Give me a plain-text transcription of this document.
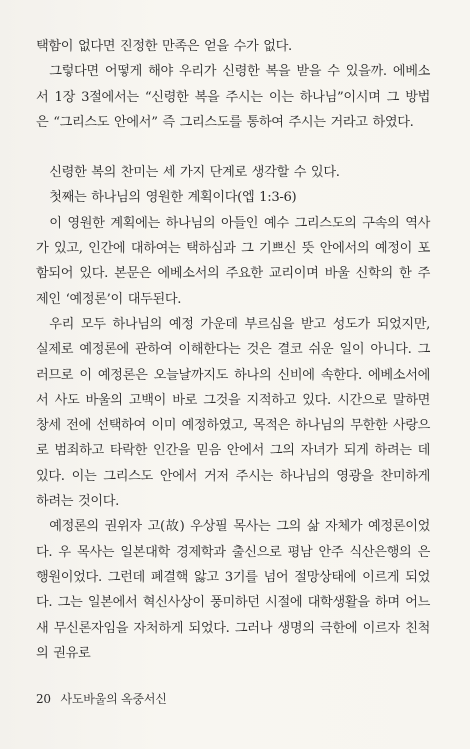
택함이 없다면 진정한 만족은 얻을 수가 없다.

그렇다면 어떻게 해야 우리가 신령한 복을 받을 수 있을까. 에베소서 1장 3절에서는 “신령한 복을 주시는 이는 하나님”이시며 그 방법은 “그리스도 안에서” 즉 그리스도를 통하여 주시는 거라고 하였다.

신령한 복의 찬미는 세 가지 단계로 생각할 수 있다.

첫째는 하나님의 영원한 계획이다(엡 1:3-6)

이 영원한 계획에는 하나님의 아들인 예수 그리스도의 구속의 역사가 있고, 인간에 대하여는 택하심과 그 기쁘신 뜻 안에서의 예정이 포함되어 있다. 본문은 에베소서의 주요한 교리이며 바울 신학의 한 주제인 ‘예정론’이 대두된다.

우리 모두 하나님의 예정 가운데 부르심을 받고 성도가 되었지만, 실제로 예정론에 관하여 이해한다는 것은 결코 쉬운 일이 아니다. 그러므로 이 예정론은 오늘날까지도 하나의 신비에 속한다. 에베소서에서 사도 바울의 고백이 바로 그것을 지적하고 있다. 시간으로 말하면 창세 전에 선택하여 이미 예정하였고, 목적은 하나님의 무한한 사랑으로 범죄하고 타락한 인간을 믿음 안에서 그의 자녀가 되게 하려는 데 있다. 이는 그리스도 안에서 거저 주시는 하나님의 영광을 찬미하게 하려는 것이다.

예정론의 권위자 고(故) 우상필 목사는 그의 삶 자체가 예정론이었다. 우 목사는 일본대학 경제학과 출신으로 평남 안주 식산은행의 은행원이었다. 그런데 폐결핵 앓고 3기를 넘어 절망상태에 이르게 되었다. 그는 일본에서 혁신사상이 풍미하던 시절에 대학생활을 하며 어느새 무신론자임을 자처하게 되었다. 그러나 생명의 극한에 이르자 친척의 권유로

20 사도바울의 옥중서신
